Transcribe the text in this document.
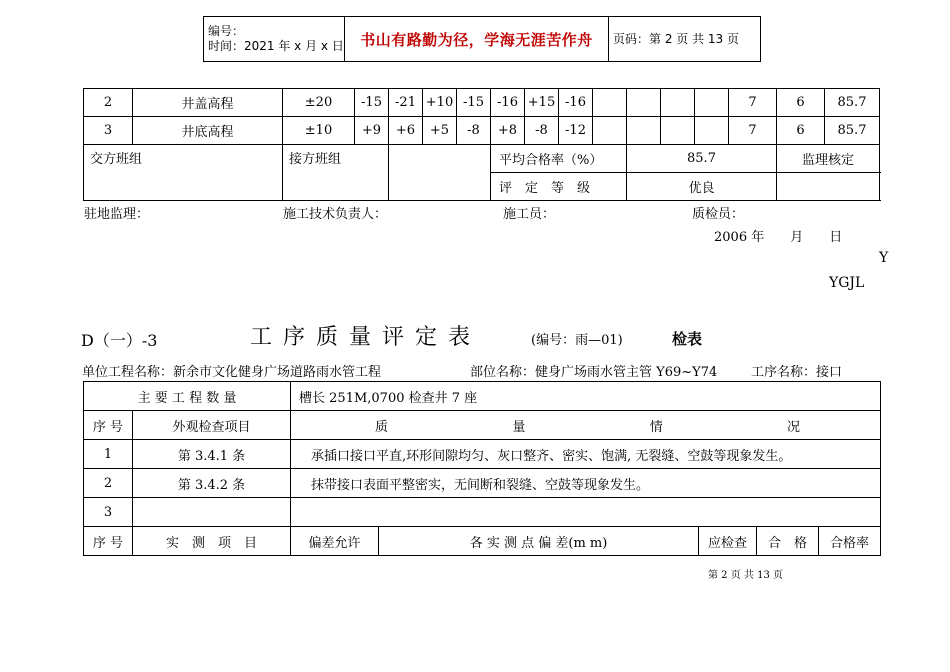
编号：
时间：2021 年 x 月 x 日	书山有路勤为径，学海无涯苦作舟	页码：第 2 页 共 13 页
2	井盖高程	±20	-15	-21	+10	-15	-16	+15	-16					7	6	85.7
3	井底高程	±10	+9	+6	+5	-8	+8	-8	-12					7	6	85.7
交方班组		接方班组					平均合格率（%）				85.7				监理核定	
							评　定　等　级				优良					
驻地监理：	施工技术负责人：	施工员：	质检员：
2006 年　　月　　日
Y
YGJL
D（一）-3	工序质量评定表	(编号：雨—01)	检表
单位工程名称：新余市文化健身广场道路雨水管工程	部位名称：健身广场雨水管主管 Y69~Y74	工序名称：接口
主 要 工 程 数 量		槽长 251M,0700 检查井 7 座				
序 号	外观检查项目	质 量 情 况				

1	第 3.4.1 条	承插口接口平直,环形间隙均匀、灰口整齐、密实、饱满, 无裂缝、空鼓等现象发生。				
2	第 3.4.2 条	抹带接口表面平整密实，无间断和裂缝、空鼓等现象发生。				
3						
序 号	实　测　项　目	偏差允许	各 实 测 点 偏 差(m m)	应检查	合　格	合格率
第 2 页 共 13 页
